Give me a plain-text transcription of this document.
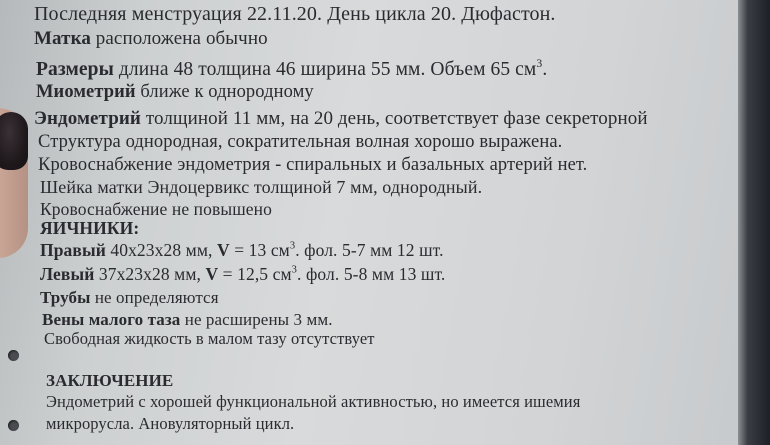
Последняя менструация 22.11.20. День цикла 20. Дюфастон.
Матка расположена обычно
Размеры длина 48 толщина 46 ширина 55 мм. Объем 65 $см^3$.
Миометрий ближе к однородному
Эндометрий толщиной 11 мм, на 20 день, соответствует фазе секреторной
Структура однородная, сократительная волная хорошо выражена.
Кровоснабжение эндометрия - спиральных и базальных артерий нет.
Шейка матки Эндоцервикс толщиной 7 мм, однородный.
Кровоснабжение не повышено
ЯИЧНИКИ:
Правый 40х23х28 мм, V = 13 $см^3$. фол. 5-7 мм 12 шт.
Левый 37х23х28 мм, V = 12,5 $см^3$. фол. 5-8 мм 13 шт.
Трубы не определяются
Вены малого таза не расширены 3 мм.
Свободная жидкость в малом тазу отсутствует
ЗАКЛЮЧЕНИЕ
Эндометрий с хорошей функциональной активностью, но имеется ишемия
микрорусла. Ановуляторный цикл.
